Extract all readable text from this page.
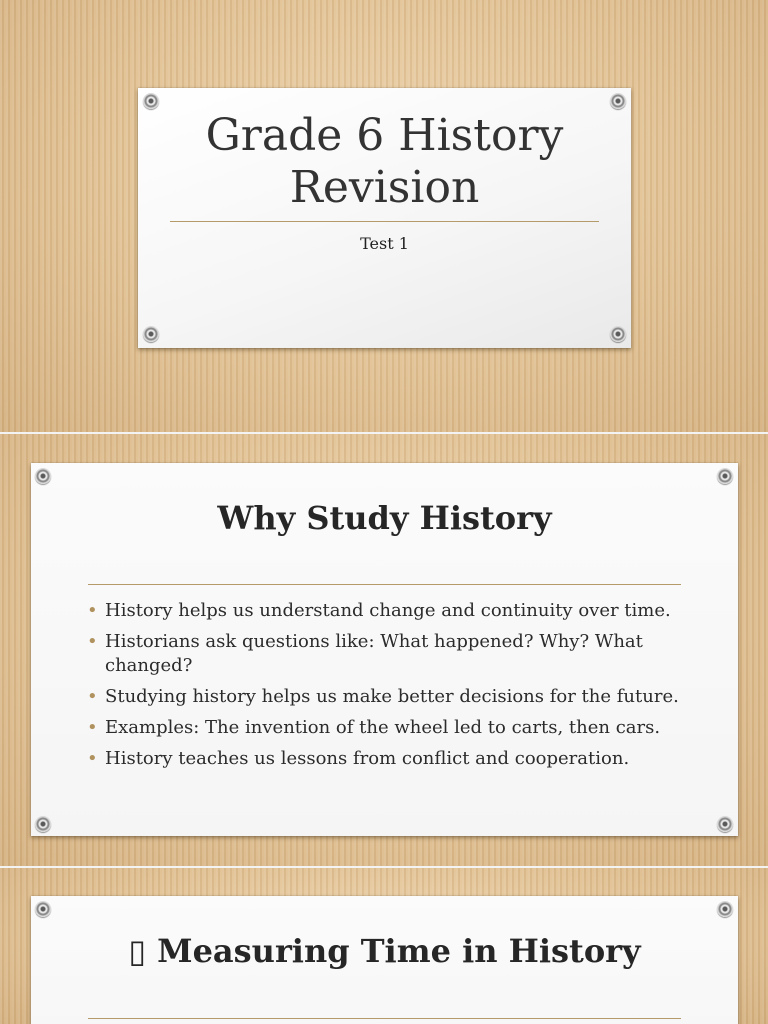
Grade 6 History
Revision
Test 1
Why Study History
• History helps us understand change and continuity over time.
• Historians ask questions like: What happened? Why? What changed?
• Studying history helps us make better decisions for the future.
• Examples: The invention of the wheel led to carts, then cars.
• History teaches us lessons from conflict and cooperation.
▯ Measuring Time in History
